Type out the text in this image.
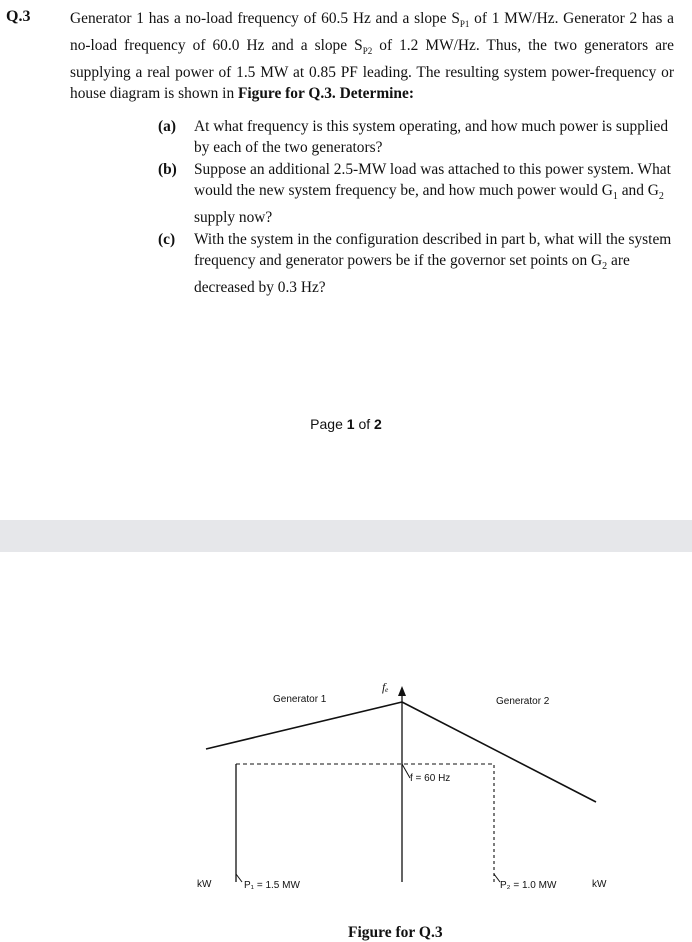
Q.3	Generator 1 has a no-load frequency of 60.5 Hz and a slope $S_{P1}$ of 1 MW/Hz. Generator 2 has a no-load frequency of 60.0 Hz and a slope $S_{P2}$ of 1.2 MW/Hz. Thus, the two generators are supplying a real power of 1.5 MW at 0.85 PF leading. The resulting system power-frequency or house diagram is shown in Figure for Q.3. Determine:
(a) At what frequency is this system operating, and how much power is supplied by each of the two generators?
(b) Suppose an additional 2.5-MW load was attached to this power system. What would the new system frequency be, and how much power would $G_1$ and $G_2$ supply now?
(c) With the system in the configuration described in part b, what will the system frequency and generator powers be if the governor set points on $G_2$ are decreased by 0.3 Hz?
Page 1 of 2
Generator 1	Generator 2
fₑ
f = 60 Hz
kW	P₁ = 1.5 MW	P₂ = 1.0 MW	kW
Figure for Q.3
